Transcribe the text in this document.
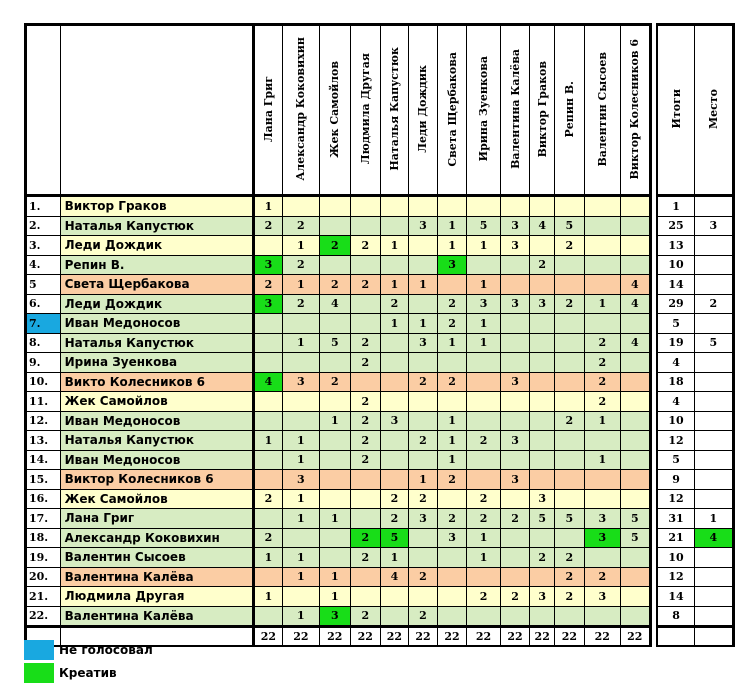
		Лана Григ	Александр Коковихин	Жек Самойлов	Людмила Другая	Наталья Капустюк	Леди Дождик	Света Щербакова	Ирина Зуенкова	Валентина Калёва	Виктор Граков	Репин В.	Валентин Сысоев	Виктор Колесников 6		Итоги	Место
1.	Виктор Граков	1														1	
2.	Наталья Капустюк	2	2				3	1	5	3	4	5				25	3
3.	Леди Дождик		1	2	2	1		1	1	3		2				13	
4.	Репин В.	3	2					3			2					10	
5	Света Щербакова	2	1	2	2	1	1		1					4		14	
6.	Леди Дождик	3	2	4		2		2	3	3	3	2	1	4		29	2
7.	Иван Медоносов					1	1	2	1							5	
8.	Наталья Капустюк		1	5	2		3	1	1				2	4		19	5
9.	Ирина Зуенкова				2								2			4	
10.	Викто Колесников 6	4	3	2			2	2		3			2			18	
11.	Жек Самойлов				2								2			4	
12.	Иван Медоносов			1	2	3		1				2	1			10	
13.	Наталья Капустюк	1	1		2		2	1	2	3						12	
14.	Иван Медоносов		1		2			1					1			5	
15.	Виктор Колесников 6		3				1	2		3						9	
16.	Жек Самойлов	2	1			2	2		2		3					12	
17.	Лана Григ		1	1		2	3	2	2	2	5	5	3	5		31	1
18.	Александр Коковихин	2			2	5		3	1				3	5		21	4
19.	Валентин Сысоев	1	1		2	1			1		2	2				10	
20.	Валентина Калёва		1	1		4	2					2	2			12	
21.	Людмила Другая	1		1					2	2	3	2	3			14	
22.	Валентина Калёва		1	3	2		2									8	
		22	22	22	22	22	22	22	22	22	22	22	22	22			
Не голосовал
Креатив
